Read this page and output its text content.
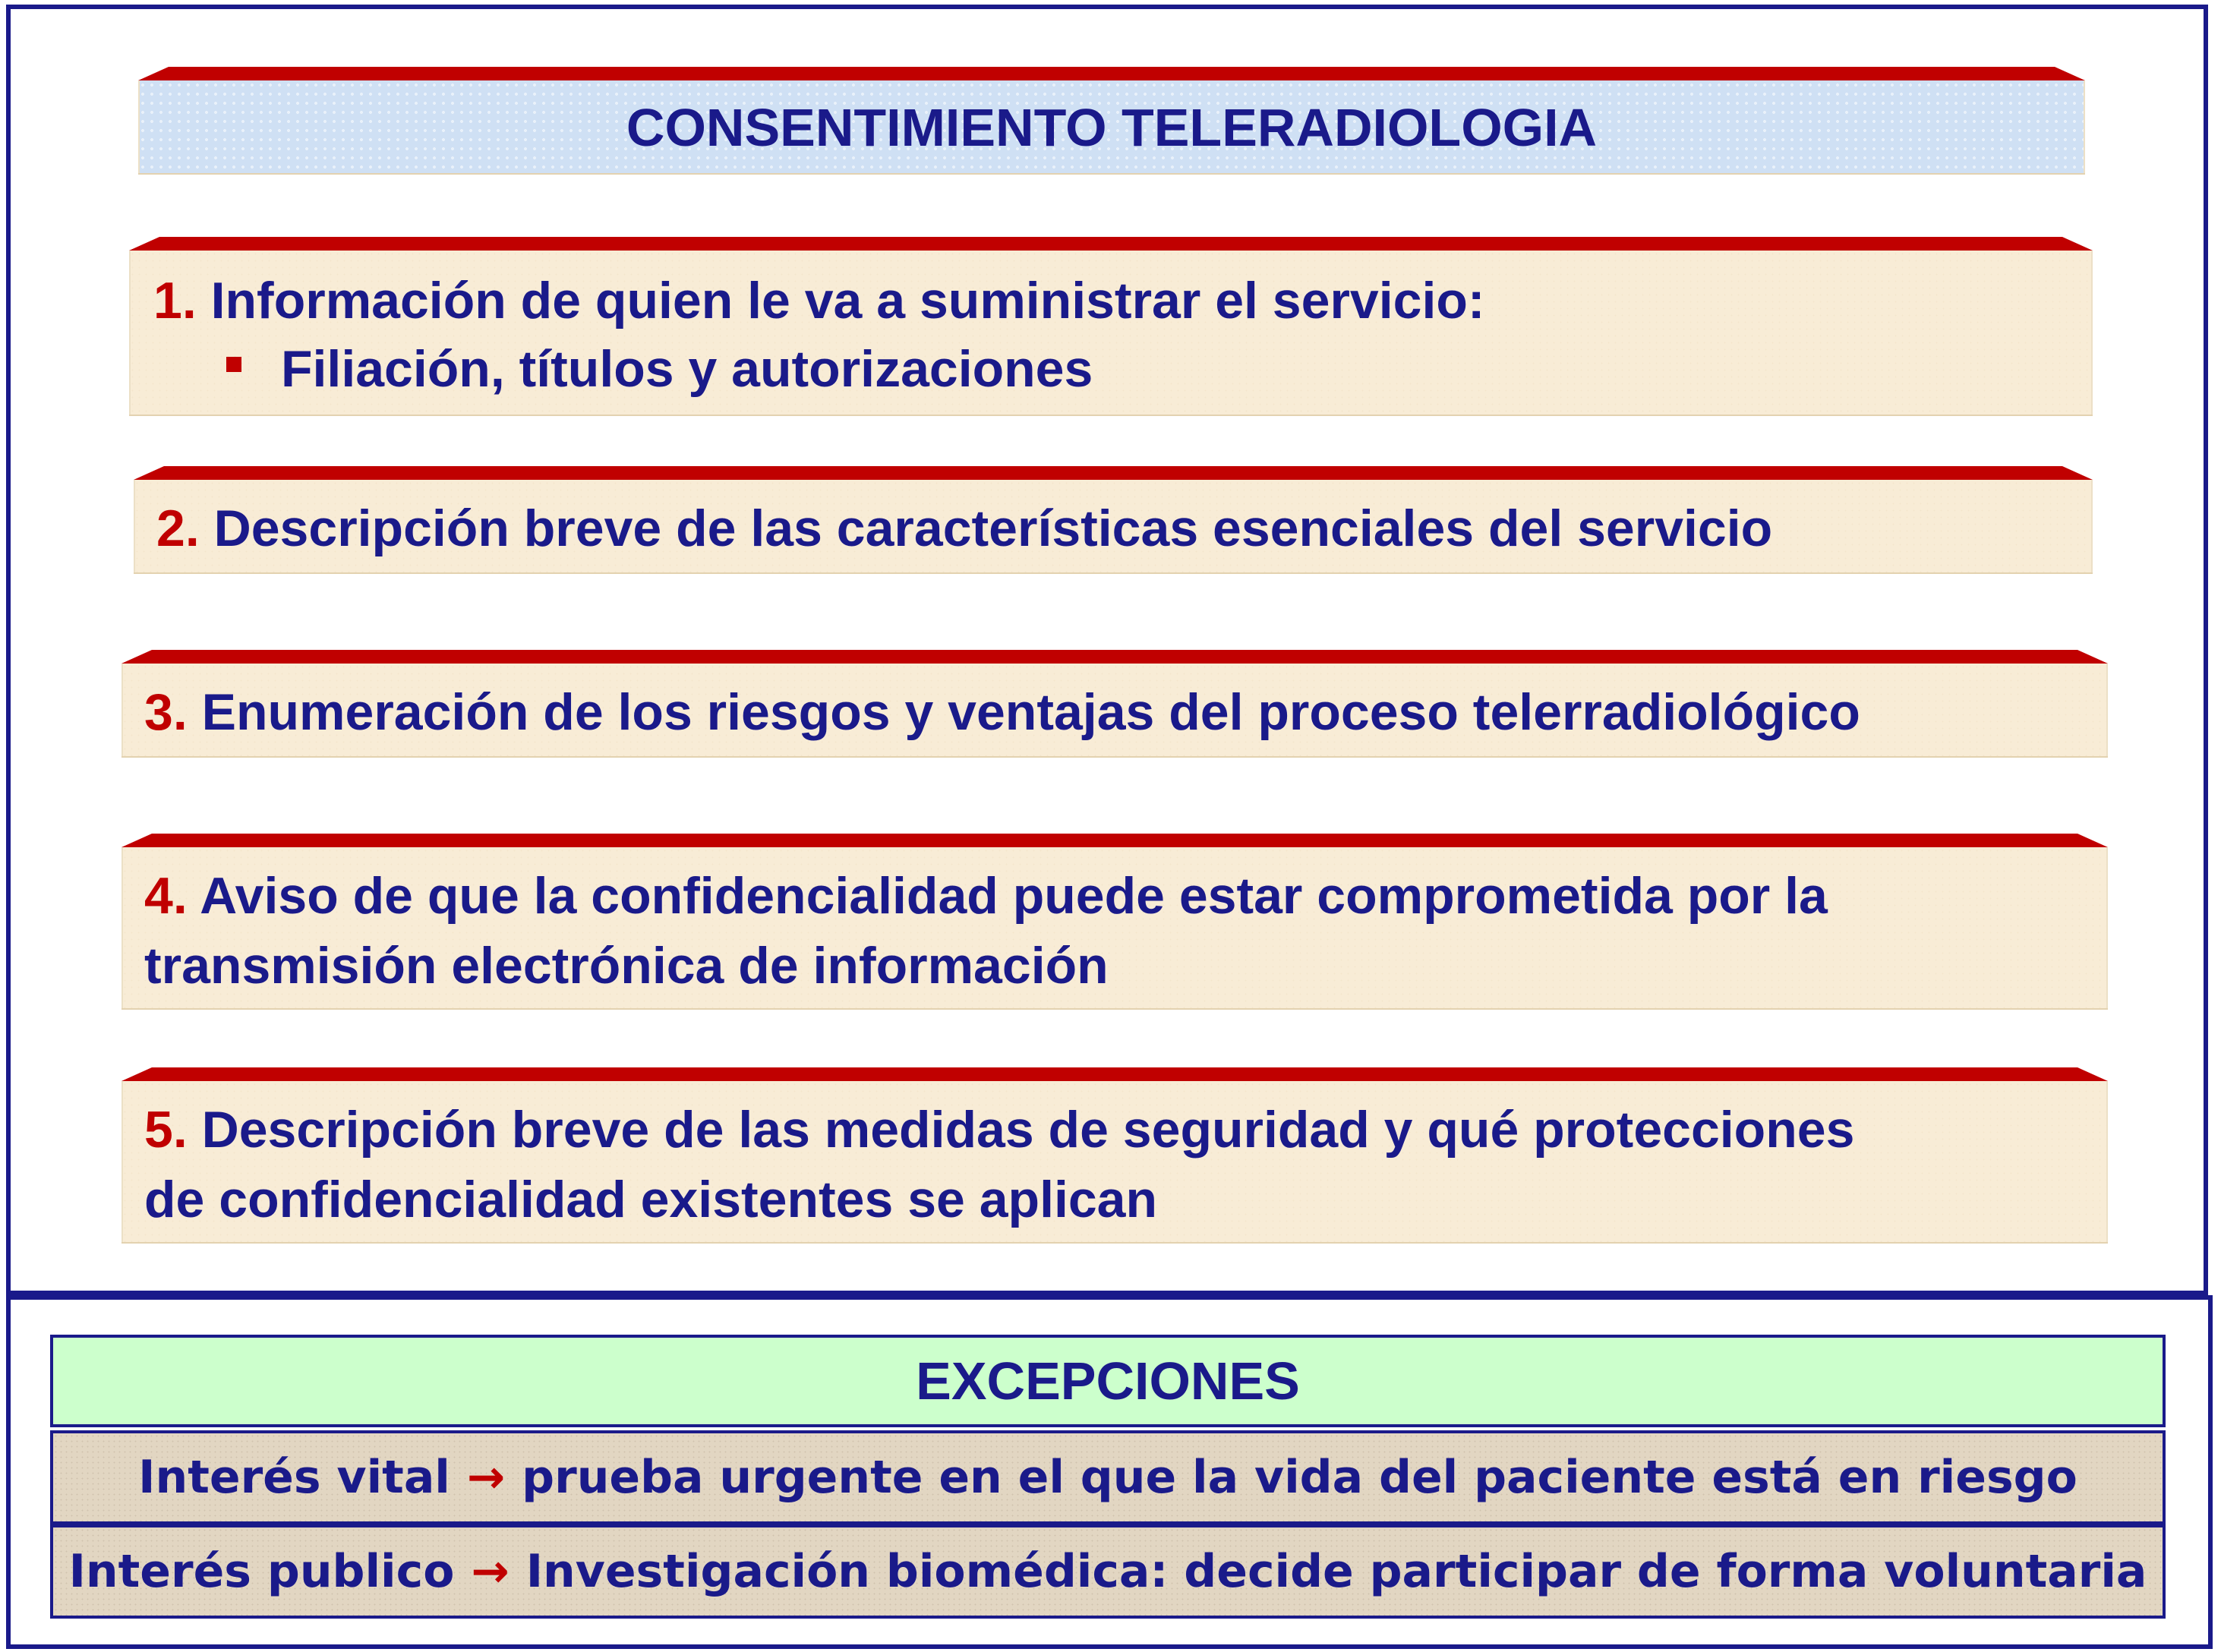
CONSENTIMIENTO TELERADIOLOGIA
1. Información de quien le va a suministrar el servicio:
Filiación, títulos y autorizaciones
2. Descripción breve de las características esenciales del servicio
3. Enumeración de los riesgos y ventajas del proceso telerradiológico
4. Aviso de que la confidencialidad puede estar comprometida por la
transmisión electrónica de información
5. Descripción breve de las medidas de seguridad y qué protecciones
de confidencialidad existentes se aplican
EXCEPCIONES
Interés vital → prueba urgente en el que la vida del paciente está en riesgo
Interés publico → Investigación biomédica: decide participar de forma voluntaria
